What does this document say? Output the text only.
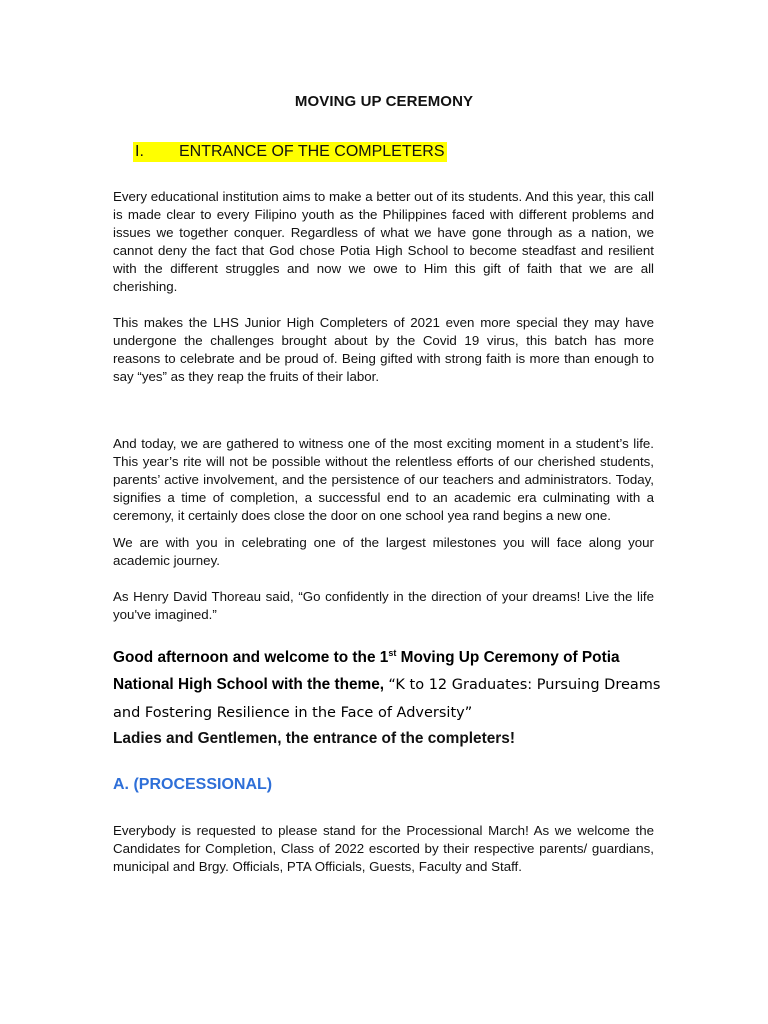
MOVING UP CEREMONY
I. ENTRANCE OF THE COMPLETERS

Every educational institution aims to make a better out of its students. And this year, this call is made clear to every Filipino youth as the Philippines faced with different problems and issues we together conquer. Regardless of what we have gone through as a nation, we cannot deny the fact that God chose Potia High School to become steadfast and resilient with the different struggles and now we owe to Him this gift of faith that we are all cherishing.

This makes the LHS Junior High Completers of 2021 even more special they may have undergone the challenges brought about by the Covid 19 virus, this batch has more reasons to celebrate and be proud of. Being gifted with strong faith is more than enough to say “yes” as they reap the fruits of their labor.

And today, we are gathered to witness one of the most exciting moment in a student’s life. This year’s rite will not be possible without the relentless efforts of our cherished students, parents’ active involvement, and the persistence of our teachers and administrators. Today, signifies a time of completion, a successful end to an academic era culminating with a ceremony, it certainly does close the door on one school yea rand begins a new one.

We are with you in celebrating one of the largest milestones you will face along your academic journey.

As Henry David Thoreau said, “Go confidently in the direction of your dreams! Live the life you've imagined.”

Good afternoon and welcome to the 1st Moving Up Ceremony of Potia National High School with the theme, “K to 12 Graduates: Pursuing Dreams and Fostering Resilience in the Face of Adversity”
Ladies and Gentlemen, the entrance of the completers!
A. (PROCESSIONAL)

Everybody is requested to please stand for the Processional March! As we welcome the Candidates for Completion, Class of 2022 escorted by their respective parents/ guardians, municipal and Brgy. Officials, PTA Officials, Guests, Faculty and Staff.
